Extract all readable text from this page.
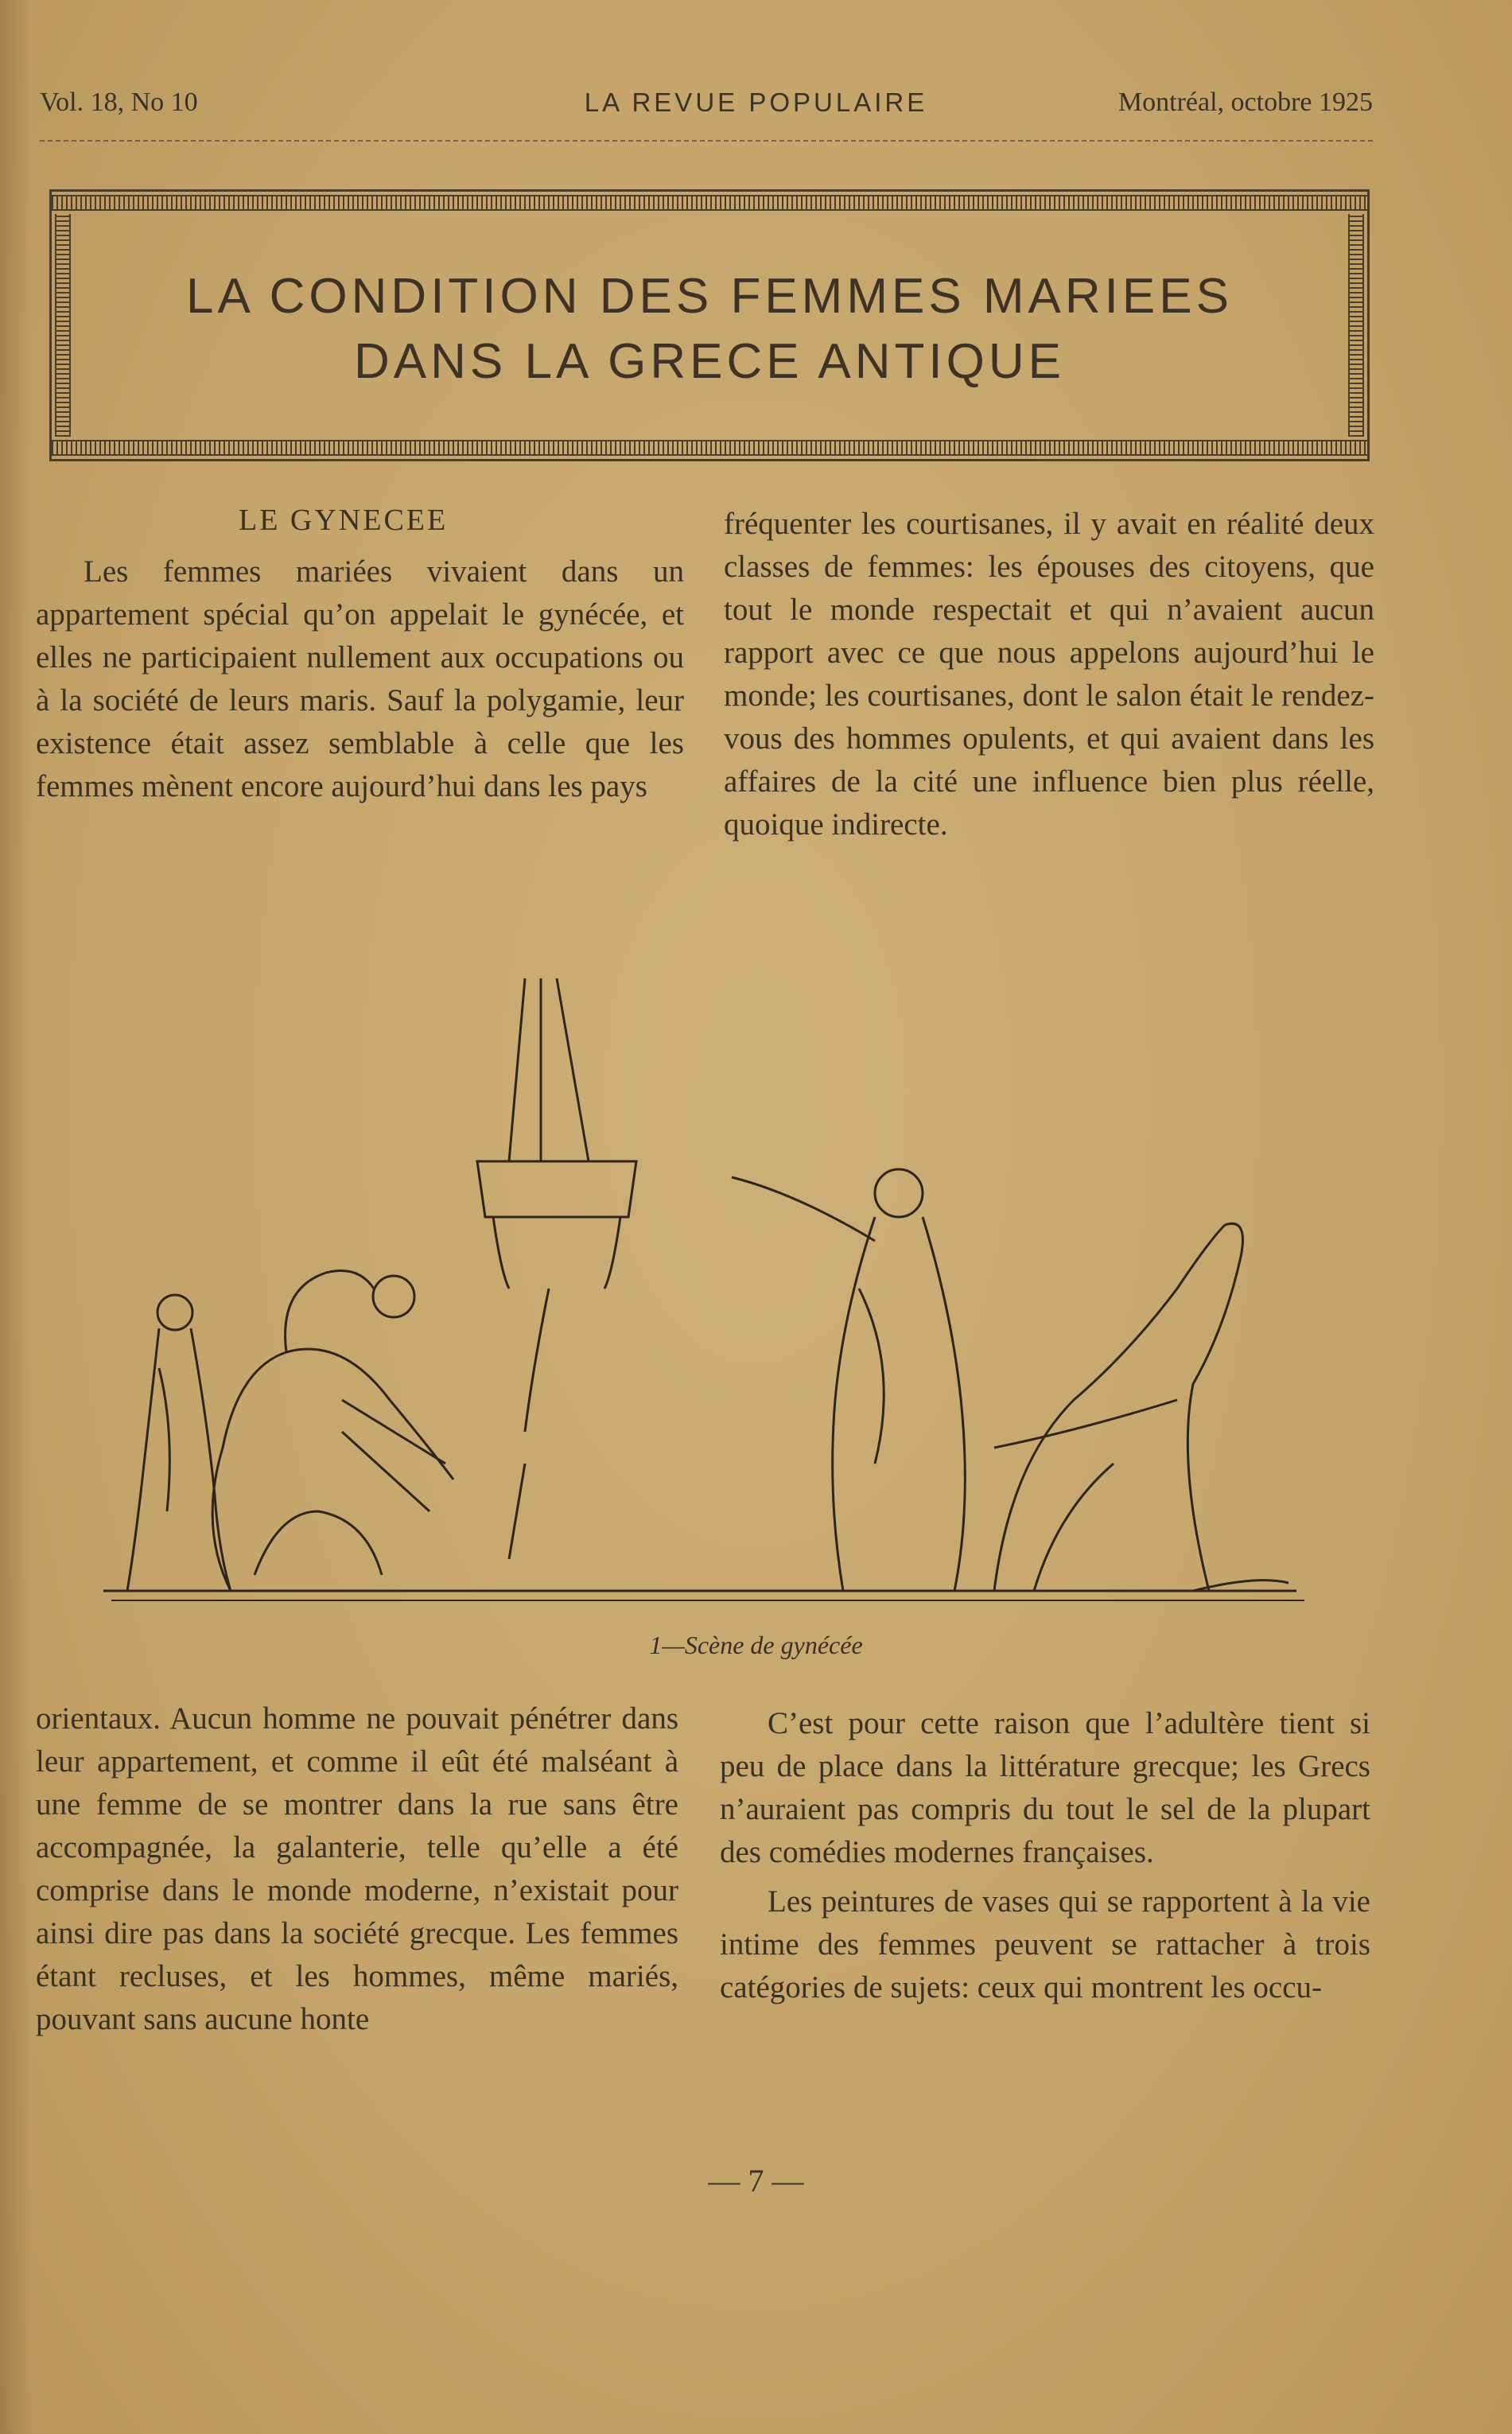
Vol. 18, No 10	LA REVUE POPULAIRE	Montréal, octobre 1925
LA CONDITION DES FEMMES MARIEES
DANS LA GRECE ANTIQUE
LE GYNECEE

Les femmes mariées vivaient dans un appartement spécial qu’on appelait le gynécée, et elles ne participaient nullement aux occupations ou à la société de leurs maris. Sauf la polygamie, leur existence était assez semblable à celle que les femmes mènent encore aujourd’hui dans les pays

fréquenter les courtisanes, il y avait en réalité deux classes de femmes: les épouses des citoyens, que tout le monde respectait et qui n’avaient aucun rapport avec ce que nous appelons aujourd’hui le monde; les courtisanes, dont le salon était le rendez-vous des hommes opulents, et qui avaient dans les affaires de la cité une influence bien plus réelle, quoique indirecte.

1—Scène de gynécée

orientaux. Aucun homme ne pouvait pénétrer dans leur appartement, et comme il eût été malséant à une femme de se montrer dans la rue sans être accompagnée, la galanterie, telle qu’elle a été comprise dans le monde moderne, n’existait pour ainsi dire pas dans la société grecque. Les femmes étant recluses, et les hommes, même mariés, pouvant sans aucune honte

C’est pour cette raison que l’adultère tient si peu de place dans la littérature grecque; les Grecs n’auraient pas compris du tout le sel de la plupart des comédies modernes françaises.

Les peintures de vases qui se rapportent à la vie intime des femmes peuvent se rattacher à trois catégories de sujets: ceux qui montrent les occu-

— 7 —
